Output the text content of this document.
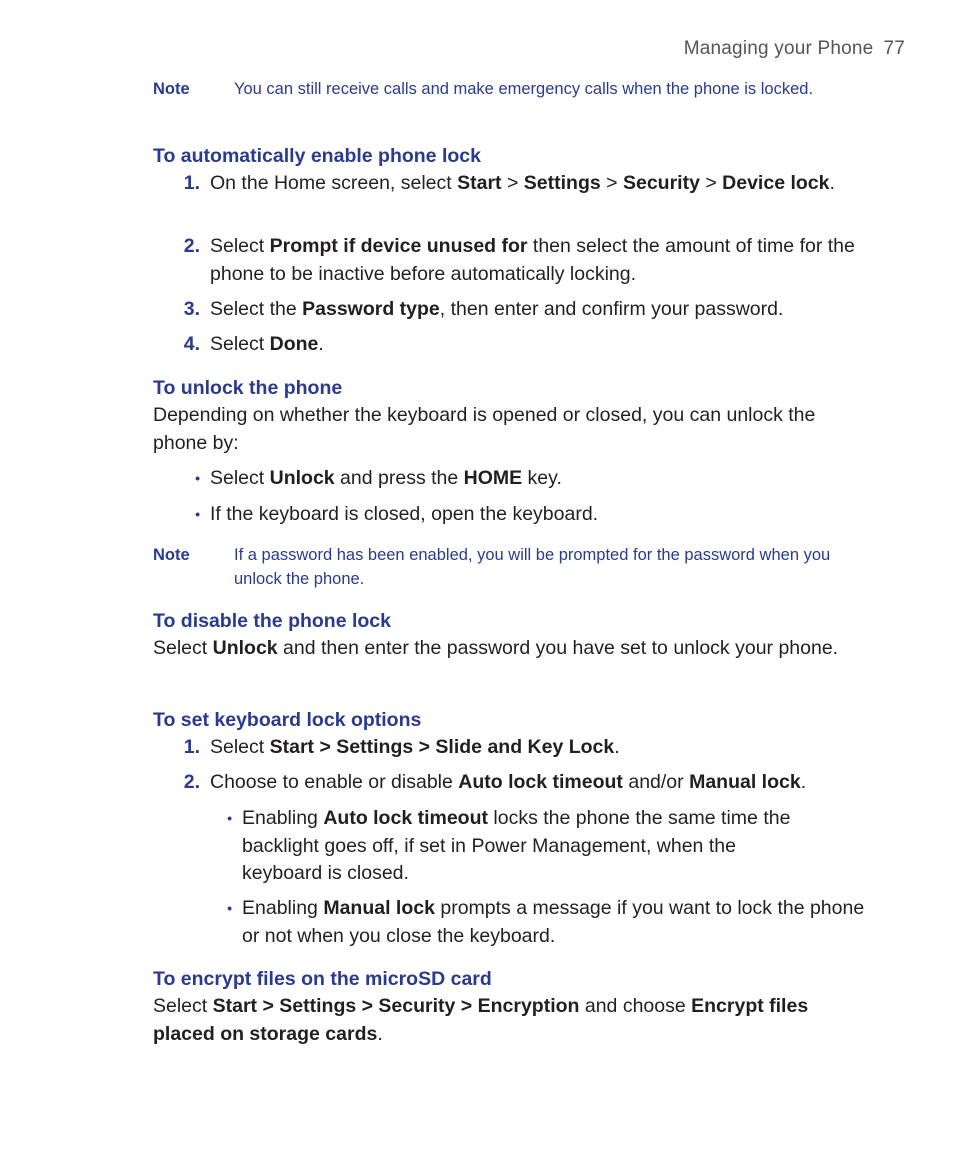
Managing your Phone 77
Note	You can still receive calls and make emergency calls when the phone is locked.
To automatically enable phone lock
1. On the Home screen, select Start > Settings > Security > Device lock.
2. Select Prompt if device unused for then select the amount of time for the phone to be inactive before automatically locking.
3. Select the Password type, then enter and confirm your password.
4. Select Done.
To unlock the phone
Depending on whether the keyboard is opened or closed, you can unlock the phone by:
• Select Unlock and press the HOME key.
• If the keyboard is closed, open the keyboard.
Note	If a password has been enabled, you will be prompted for the password when you unlock the phone.
To disable the phone lock
Select Unlock and then enter the password you have set to unlock your phone.
To set keyboard lock options
1. Select Start > Settings > Slide and Key Lock.
2. Choose to enable or disable Auto lock timeout and/or Manual lock.
• Enabling Auto lock timeout locks the phone the same time the backlight goes off, if set in Power Management, when the keyboard is closed.
• Enabling Manual lock prompts a message if you want to lock the phone or not when you close the keyboard.
To encrypt files on the microSD card
Select Start > Settings > Security > Encryption and choose Encrypt files placed on storage cards.
